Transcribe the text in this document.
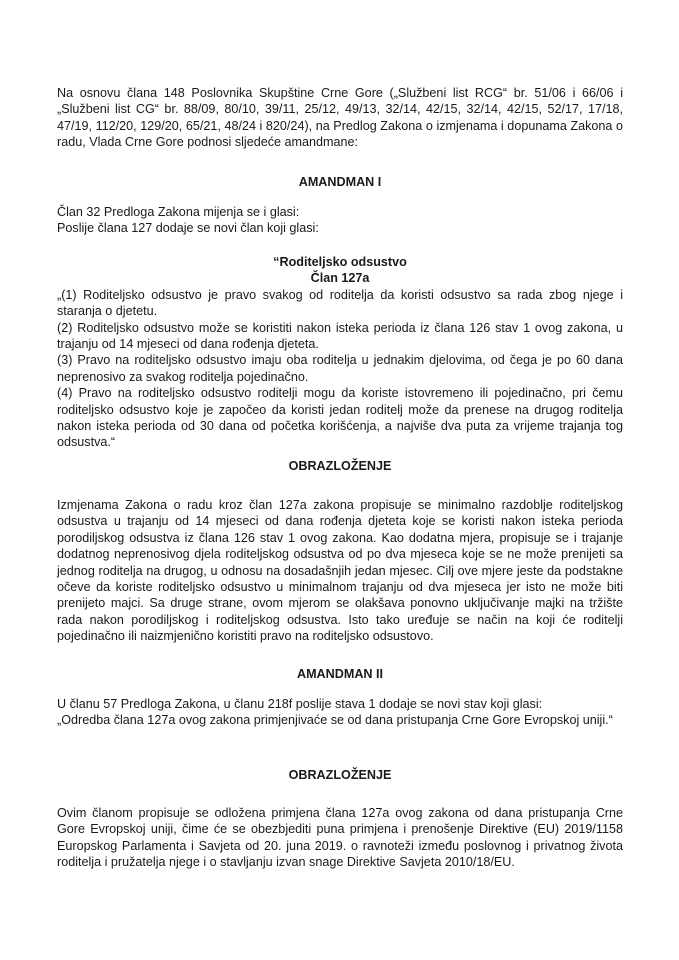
Na osnovu člana 148 Poslovnika Skupštine Crne Gore („Službeni list RCG“ br. 51/06 i 66/06 i „Službeni list CG“ br. 88/09, 80/10, 39/11, 25/12, 49/13, 32/14, 42/15, 32/14, 42/15, 52/17, 17/18, 47/19, 112/20, 129/20, 65/21, 48/24 i 820/24), na Predlog Zakona o izmjenama i dopunama Zakona o radu, Vlada Crne Gore podnosi sljedeće amandmane:

AMANDMAN I
Član 32 Predloga Zakona mijenja se i glasi:
Poslije člana 127 dodaje se novi član koji glasi:
“Roditeljsko odsustvo
Član 127a

„(1) Roditeljsko odsustvo je pravo svakog od roditelja da koristi odsustvo sa rada zbog njege i staranja o djetetu.

(2) Roditeljsko odsustvo može se koristiti nakon isteka perioda iz člana 126 stav 1 ovog zakona, u trajanju od 14 mjeseci od dana rođenja djeteta.

(3) Pravo na roditeljsko odsustvo imaju oba roditelja u jednakim djelovima, od čega je po 60 dana neprenosivo za svakog roditelja pojedinačno.

(4) Pravo na roditeljsko odsustvo roditelji mogu da koriste istovremeno ili pojedinačno, pri čemu roditeljsko odsustvo koje je započeo da koristi jedan roditelj može da prenese na drugog roditelja nakon isteka perioda od 30 dana od početka korišćenja, a najviše dva puta za vrijeme trajanja tog odsustva.“

OBRAZLOŽENJE

Izmjenama Zakona o radu kroz član 127a zakona propisuje se minimalno razdoblje roditeljskog odsustva u trajanju od 14 mjeseci od dana rođenja djeteta koje se koristi nakon isteka perioda porodiljskog odsustva iz člana 126 stav 1 ovog zakona. Kao dodatna mjera, propisuje se i trajanje dodatnog neprenosivog djela roditeljskog odsustva od po dva mjeseca koje se ne može prenijeti sa jednog roditelja na drugog, u odnosu na dosadašnjih jedan mjesec. Cilj ove mjere jeste da podstakne očeve da koriste roditeljsko odsustvo u minimalnom trajanju od dva mjeseca jer isto ne može biti prenijeto majci. Sa druge strane, ovom mjerom se olakšava ponovno uključivanje majki na tržište rada nakon porodiljskog i roditeljskog odsustva. Isto tako uređuje se način na koji će roditelji pojedinačno ili naizmjenično koristiti pravo na roditeljsko odsustovo.

AMANDMAN II

U članu 57 Predloga Zakona, u članu 218f poslije stava 1 dodaje se novi stav koji glasi:

„Odredba člana 127a ovog zakona primjenjivaće se od dana pristupanja Crne Gore Evropskoj uniji.“

OBRAZLOŽENJE

Ovim članom propisuje se odložena primjena člana 127a ovog zakona od dana pristupanja Crne Gore Evropskoj uniji, čime će se obezbjediti puna primjena i prenošenje Direktive (EU) 2019/1158 Europskog Parlamenta i Savjeta od 20. juna 2019. o ravnoteži između poslovnog i privatnog života roditelja i pružatelja njege i o stavljanju izvan snage Direktive Savjeta 2010/18/EU.
